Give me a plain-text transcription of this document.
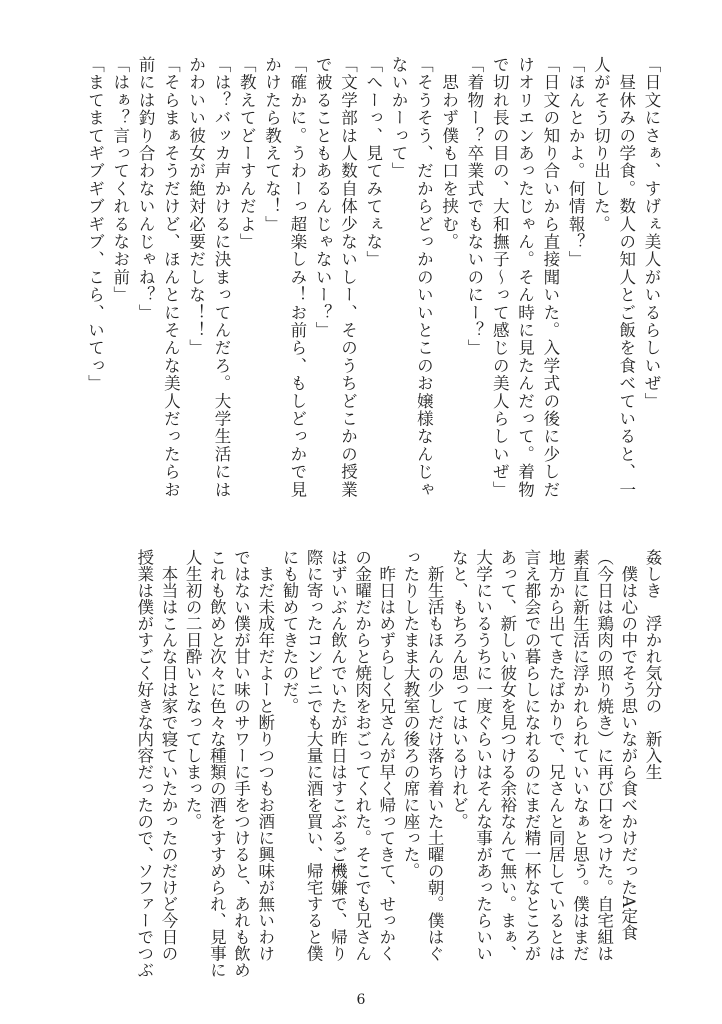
「日文にさぁ、すげぇ美人がいるらしいぜ」
　昼休みの学食。数人の知人とご飯を食べていると、一
人がそう切り出した。
「ほんとかよ。何情報？」
「日文の知り合いから直接聞いた。入学式の後に少しだ
けオリエンあったじゃん。そん時に見たんだって。着物
で切れ長の目の、大和撫子～って感じの美人らしいぜ」
「着物ー？卒業式でもないのにー？」
　思わず僕も口を挟む。
「そうそう、だからどっかのいいとこのお嬢様なんじゃ
ないかーって」
「へーっ、見てみてぇな」
「文学部は人数自体少ないしー、そのうちどこかの授業
で被ることもあるんじゃないー？」
「確かに。うわーっ超楽しみ！お前ら、もしどっかで見
かけたら教えてな！」
「教えてどーすんだよ」
「は？バッカ声かけるに決まってんだろ。大学生活には
かわいい彼女が絶対必要だしな！！」
「そらまぁそうだけど、ほんとにそんな美人だったらお
前には釣り合わないんじゃね？」
「はぁ？言ってくれるなお前」
「まてまてギブギブギブ、こら、いてっ」
姦しき　浮かれ気分の　新入生
　僕は心の中でそう思いながら食べかけだったA定食
（今日は鶏肉の照り焼き）に再び口をつけた。自宅組は
素直に新生活に浮かれられていいなぁと思う。僕はまだ
地方から出てきたばかりで、兄さんと同居しているとは
言え都会での暮らしになれるのにまだ精一杯なところが
あって、新しい彼女を見つける余裕なんて無い。まぁ、
大学にいるうちに一度ぐらいはそんな事があったらいい
なと、もちろん思ってはいるけれど。
　新生活もほんの少しだけ落ち着いた土曜の朝。僕はぐ
ったりしたまま大教室の後ろの席に座った。
　昨日はめずらしく兄さんが早く帰ってきて、せっかく
の金曜だからと焼肉をおごってくれた。そこでも兄さん
はずいぶん飲んでいたが昨日はすこぶるご機嫌で、帰り
際に寄ったコンビニでも大量に酒を買い、帰宅すると僕
にも勧めてきたのだ。
　まだ未成年だよーと断りつつもお酒に興味が無いわけ
ではない僕が甘い味のサワーに手をつけると、あれも飲め
これも飲めと次々に色々な種類の酒をすすめられ、見事に
人生初の二日酔いとなってしまった。
　本当はこんな日は家で寝ていたかったのだけど今日の
授業は僕がすごく好きな内容だったので、ソファーでつぶ
6
